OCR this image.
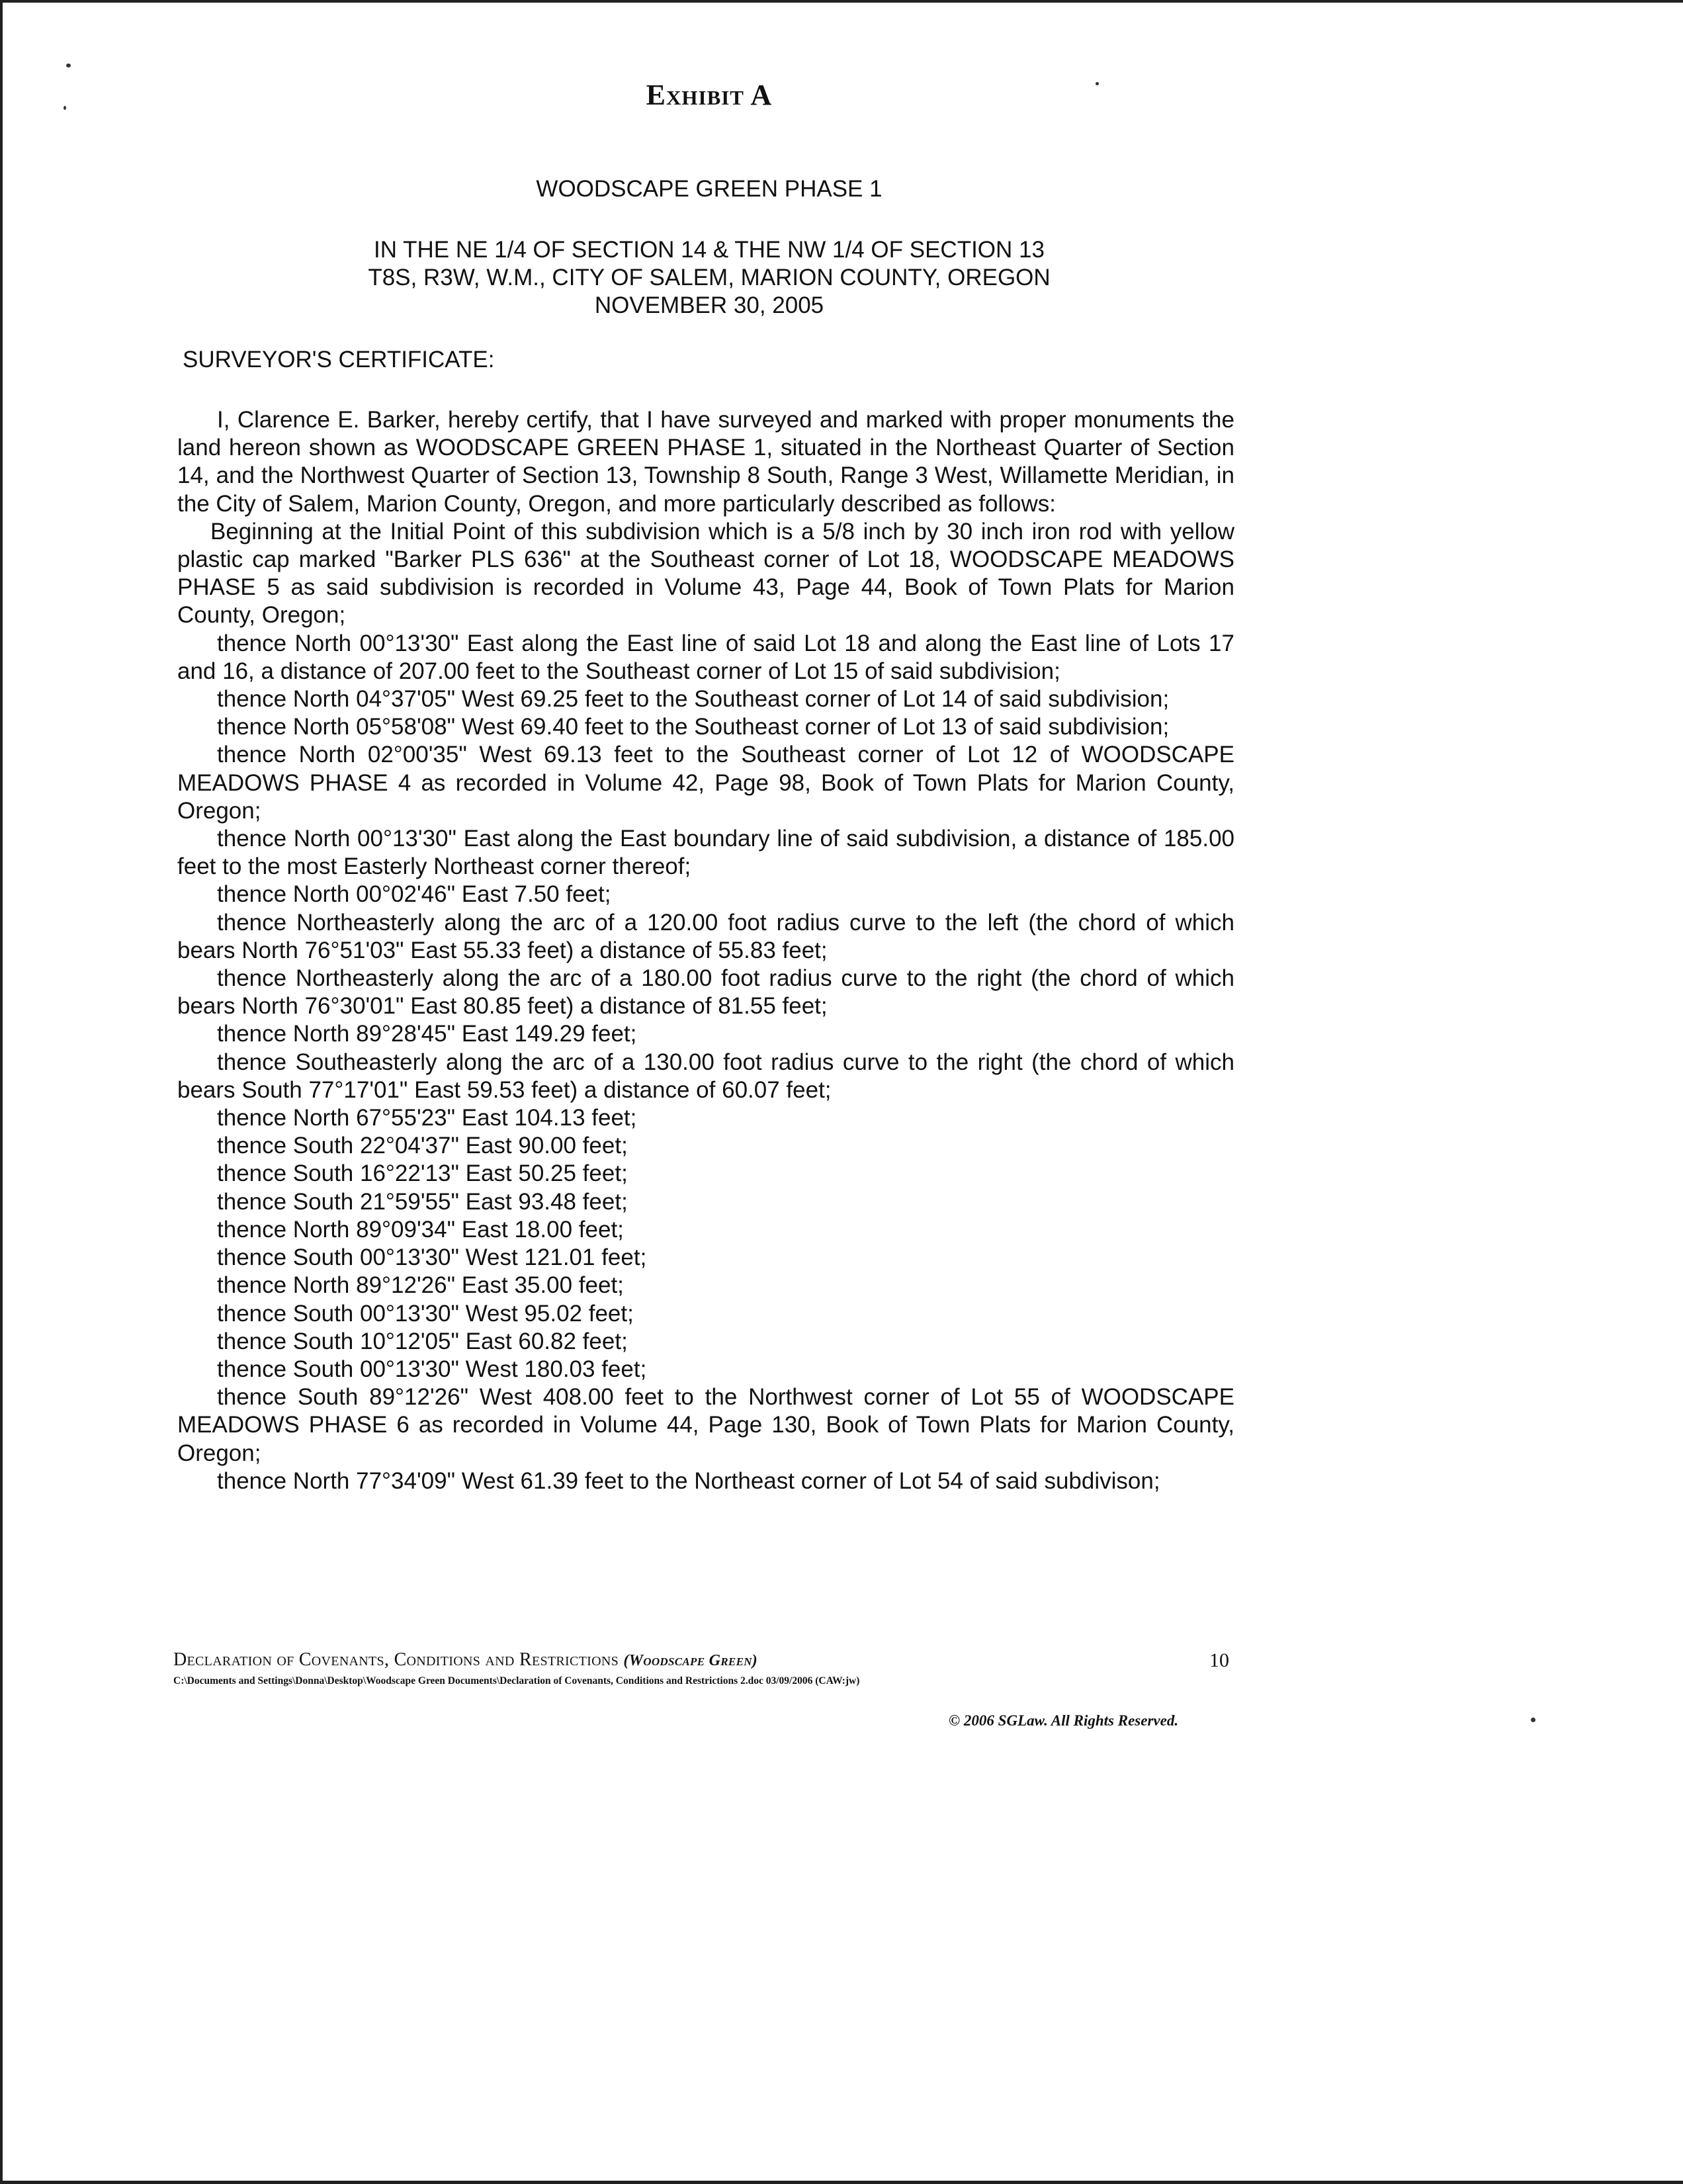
Exhibit A
WOODSCAPE GREEN PHASE 1
IN THE NE 1/4 OF SECTION 14 & THE NW 1/4 OF SECTION 13
T8S, R3W, W.M., CITY OF SALEM, MARION COUNTY, OREGON
NOVEMBER 30, 2005
SURVEYOR'S CERTIFICATE:

I, Clarence E. Barker, hereby certify, that I have surveyed and marked with proper monuments the land hereon shown as WOODSCAPE GREEN PHASE 1, situated in the Northeast Quarter of Section 14, and the Northwest Quarter of Section 13, Township 8 South, Range 3 West, Willamette Meridian, in the City of Salem, Marion County, Oregon, and more particularly described as follows:

Beginning at the Initial Point of this subdivision which is a 5/8 inch by 30 inch iron rod with yellow plastic cap marked "Barker PLS 636" at the Southeast corner of Lot 18, WOODSCAPE MEADOWS PHASE 5 as said subdivision is recorded in Volume 43, Page 44, Book of Town Plats for Marion County, Oregon;

thence North 00°13'30" East along the East line of said Lot 18 and along the East line of Lots 17 and 16, a distance of 207.00 feet to the Southeast corner of Lot 15 of said subdivision;

thence North 04°37'05" West 69.25 feet to the Southeast corner of Lot 14 of said subdivision;

thence North 05°58'08" West 69.40 feet to the Southeast corner of Lot 13 of said subdivision;

thence North 02°00'35" West 69.13 feet to the Southeast corner of Lot 12 of WOODSCAPE MEADOWS PHASE 4 as recorded in Volume 42, Page 98, Book of Town Plats for Marion County, Oregon;

thence North 00°13'30" East along the East boundary line of said subdivision, a distance of 185.00 feet to the most Easterly Northeast corner thereof;

thence North 00°02'46" East 7.50 feet;

thence Northeasterly along the arc of a 120.00 foot radius curve to the left (the chord of which bears North 76°51'03" East 55.33 feet) a distance of 55.83 feet;

thence Northeasterly along the arc of a 180.00 foot radius curve to the right (the chord of which bears North 76°30'01" East 80.85 feet) a distance of 81.55 feet;

thence North 89°28'45" East 149.29 feet;

thence Southeasterly along the arc of a 130.00 foot radius curve to the right (the chord of which bears South 77°17'01" East 59.53 feet) a distance of 60.07 feet;

thence North 67°55'23" East 104.13 feet;

thence South 22°04'37" East 90.00 feet;

thence South 16°22'13" East 50.25 feet;

thence South 21°59'55" East 93.48 feet;

thence North 89°09'34" East 18.00 feet;

thence South 00°13'30" West 121.01 feet;

thence North 89°12'26" East 35.00 feet;

thence South 00°13'30" West 95.02 feet;

thence South 10°12'05" East 60.82 feet;

thence South 00°13'30" West 180.03 feet;

thence South 89°12'26" West 408.00 feet to the Northwest corner of Lot 55 of WOODSCAPE MEADOWS PHASE 6 as recorded in Volume 44, Page 130, Book of Town Plats for Marion County, Oregon;

thence North 77°34'09" West 61.39 feet to the Northeast corner of Lot 54 of said subdivison;

Declaration of Covenants, Conditions and Restrictions (Woodscape Green)	10
C:\Documents and Settings\Donna\Desktop\Woodscape Green Documents\Declaration of Covenants, Conditions and Restrictions 2.doc 03/09/2006 (CAW:jw)
© 2006 SGLaw. All Rights Reserved.
